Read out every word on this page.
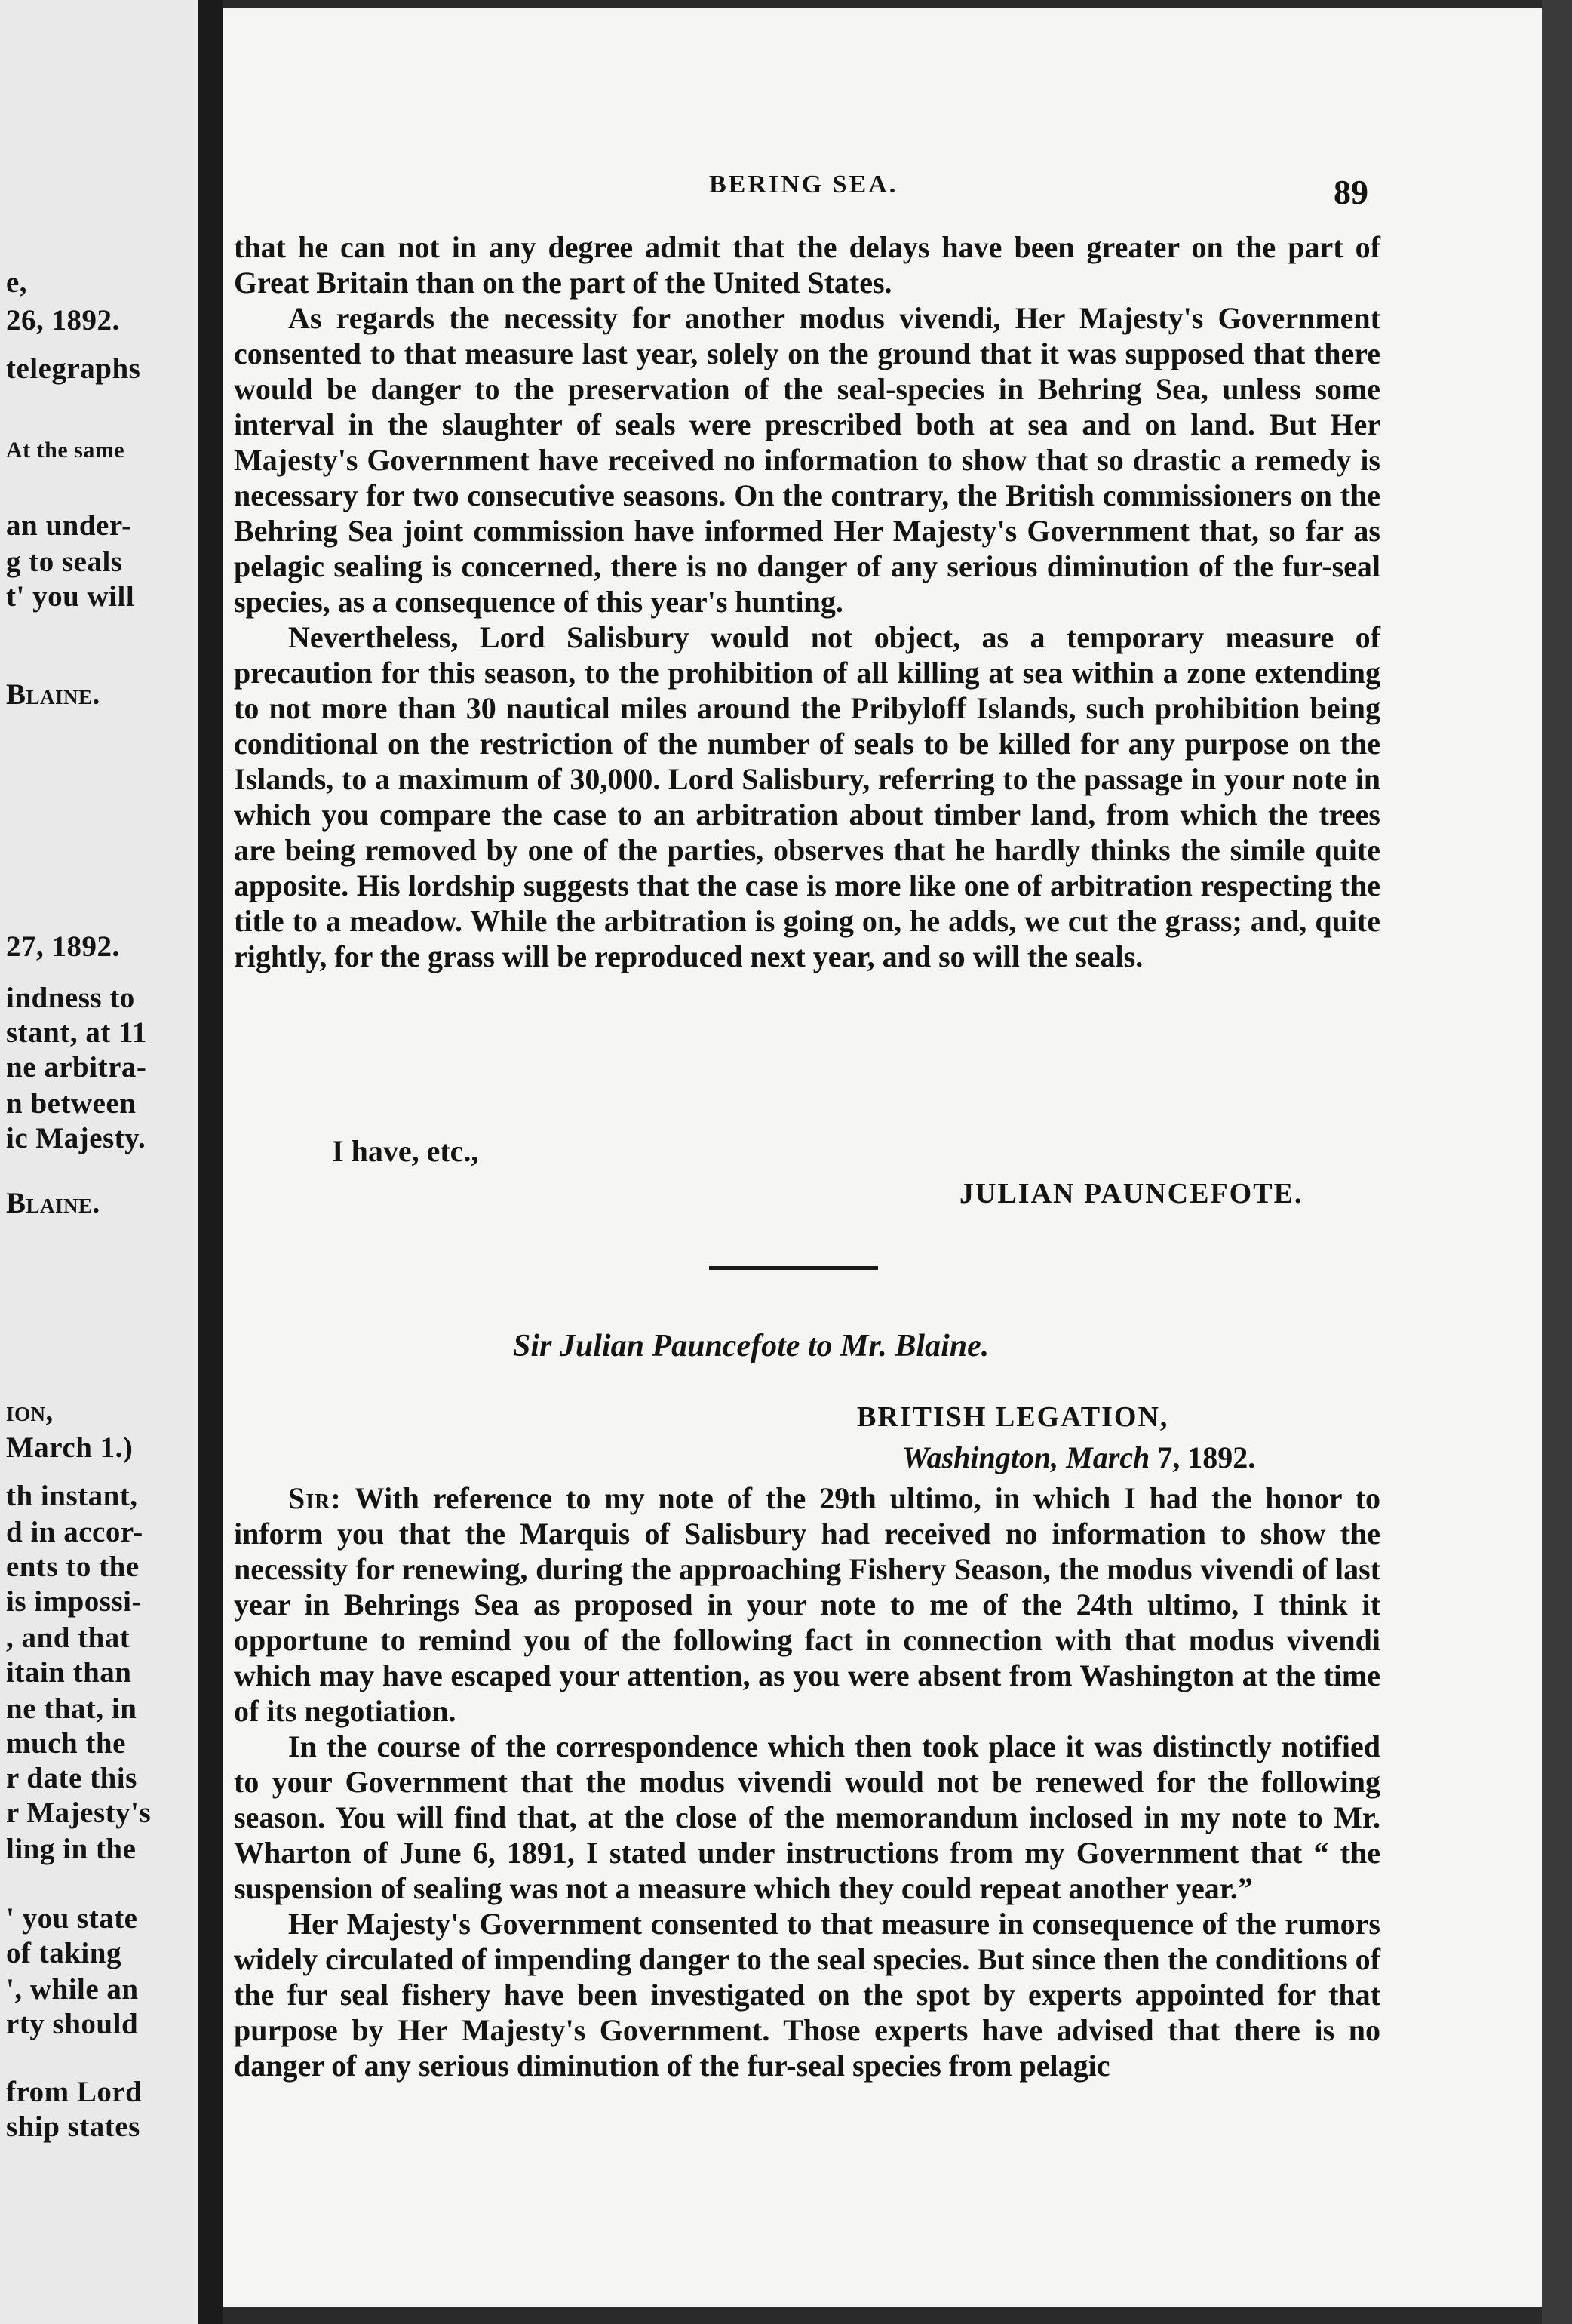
e,
26, 1892.
telegraphs
At the same
an under-
g to seals
t' you will
Blaine.
27, 1892.
indness to
stant, at 11
ne arbitra-
n between
ic Majesty.
Blaine.
ion,
March 1.)
th instant,
d in accor-
ents to the
is impossi-
, and that
itain than
ne that, in
much the
r date this
r Majesty's
ling in the
' you state
of taking
', while an
rty should
from Lord
ship states
BERING SEA.	89

that he can not in any degree admit that the delays have been greater on the part of Great Britain than on the part of the United States.

As regards the necessity for another modus vivendi, Her Majesty's Government consented to that measure last year, solely on the ground that it was supposed that there would be danger to the preservation of the seal-species in Behring Sea, unless some interval in the slaughter of seals were prescribed both at sea and on land. But Her Majesty's Government have received no information to show that so drastic a remedy is necessary for two consecutive seasons. On the contrary, the British commissioners on the Behring Sea joint commission have informed Her Majesty's Government that, so far as pelagic sealing is concerned, there is no danger of any serious diminution of the fur-seal species, as a consequence of this year's hunting.

Nevertheless, Lord Salisbury would not object, as a temporary measure of precaution for this season, to the prohibition of all killing at sea within a zone extending to not more than 30 nautical miles around the Pribyloff Islands, such prohibition being conditional on the restriction of the number of seals to be killed for any purpose on the Islands, to a maximum of 30,000. Lord Salisbury, referring to the passage in your note in which you compare the case to an arbitration about timber land, from which the trees are being removed by one of the parties, observes that he hardly thinks the simile quite apposite. His lordship suggests that the case is more like one of arbitration respecting the title to a meadow. While the arbitration is going on, he adds, we cut the grass; and, quite rightly, for the grass will be reproduced next year, and so will the seals.

I have, etc.,
JULIAN PAUNCEFOTE.
Sir Julian Pauncefote to Mr. Blaine.
BRITISH LEGATION,
Washington, March 7, 1892.

Sir: With reference to my note of the 29th ultimo, in which I had the honor to inform you that the Marquis of Salisbury had received no information to show the necessity for renewing, during the approaching Fishery Season, the modus vivendi of last year in Behrings Sea as proposed in your note to me of the 24th ultimo, I think it opportune to remind you of the following fact in connection with that modus vivendi which may have escaped your attention, as you were absent from Washington at the time of its negotiation.

In the course of the correspondence which then took place it was distinctly notified to your Government that the modus vivendi would not be renewed for the following season. You will find that, at the close of the memorandum inclosed in my note to Mr. Wharton of June 6, 1891, I stated under instructions from my Government that “ the suspension of sealing was not a measure which they could repeat another year.”

Her Majesty's Government consented to that measure in consequence of the rumors widely circulated of impending danger to the seal species. But since then the conditions of the fur seal fishery have been investigated on the spot by experts appointed for that purpose by Her Majesty's Government. Those experts have advised that there is no danger of any serious diminution of the fur-seal species from pelagic
